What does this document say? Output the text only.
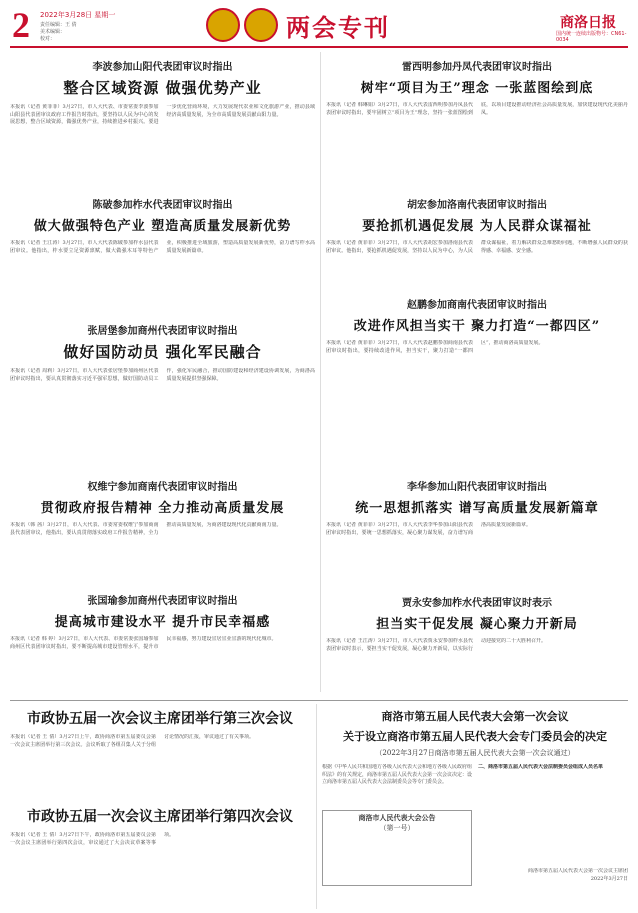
2 2022年3月28日 星期一
责任编辑：王 倩
美术编辑：
校对：	两会专刊	商洛日报
国内统一连续出版物号：CN61-0034
李波参加山阳代表团审议时指出
整合区域资源 做强优势产业
本报讯（记者 黄菲菲）3月27日，市人大代表、市委常委李波参加山阳县代表团审议政府工作报告时指出，要坚持以人民为中心的发展思想，整合区域资源，做强优势产业，持续推进乡村振兴。要进一步优化营商环境，大力发展现代农业和文化旅游产业，推动县域经济高质量发展，为全市高质量发展贡献山阳力量。
陈破参加柞水代表团审议时指出
做大做强特色产业 塑造高质量发展新优势
本报讯（记者 王江涛）3月27日，市人大代表陈破参加柞水县代表团审议。他指出，柞水要立足资源禀赋，做大做强木耳等特色产业，积极推进全域旅游，塑造高质量发展新优势，奋力谱写柞水高质量发展新篇章。
张居堡参加商州代表团审议时指出
做好国防动员 强化军民融合
本报讯（记者 周莉）3月27日，市人大代表张居堡参加商州区代表团审议时指出，要认真贯彻落实习近平强军思想，做好国防动员工作，强化军民融合，推动国防建设和经济建设协调发展，为商洛高质量发展提供坚强保障。
权维宁参加商南代表团审议时指出
贯彻政府报告精神 全力推动高质量发展
本报讯（韩 茜）3月27日，市人大代表、市委常委权维宁参加商南县代表团审议，他指出，要认真贯彻落实政府工作报告精神，全力推动高质量发展，为商洛建设现代化贡献商南力量。
张国瑜参加商州代表团审议时指出
提高城市建设水平 提升市民幸福感
本报讯（记者 韩 婷）3月27日，市人大代表、市委常委张国瑜参加商州区代表团审议时指出，要不断提高城市建设管理水平，提升市民幸福感，努力建设宜居宜业宜游的现代化城市。
雷西明参加丹凤代表团审议时指出
树牢“项目为王”理念 一张蓝图绘到底
本报讯（记者 韩琳娟）3月27日，市人大代表雷西明参加丹凤县代表团审议时指出，要牢固树立“项目为王”理念，坚持一张蓝图绘到底，以项目建设推动经济社会高质量发展，加快建设现代化美丽丹凤。
胡宏参加洛南代表团审议时指出
要抢抓机遇促发展 为人民群众谋福祉
本报讯（记者 黄菲菲）3月27日，市人大代表胡宏参加洛南县代表团审议。他指出，要抢抓机遇促发展，坚持以人民为中心，为人民群众谋福祉，着力解决群众急难愁盼问题，不断增强人民群众的获得感、幸福感、安全感。
赵鹏参加商南代表团审议时指出
改进作风担当实干 聚力打造“一都四区”
本报讯（记者 黄菲菲）3月27日，市人大代表赵鹏参加商南县代表团审议时指出，要持续改进作风，担当实干，聚力打造“一都四区”，推动商洛高质量发展。
李华参加山阳代表团审议时指出
统一思想抓落实 谱写高质量发展新篇章
本报讯（记者 黄菲菲）3月27日，市人大代表李华参加山阳县代表团审议时指出，要统一思想抓落实，凝心聚力谋发展，奋力谱写商洛高质量发展新篇章。
贾永安参加柞水代表团审议时表示
担当实干促发展 凝心聚力开新局
本报讯（记者 王江涛）3月27日，市人大代表贾永安参加柞水县代表团审议时表示，要担当实干促发展，凝心聚力开新局，以实际行动迎接党的二十大胜利召开。
市政协五届一次会议主席团举行第三次会议
本报讯（记者 王 倩）3月27日上午，政协商洛市第五届委员会第一次会议主席团举行第三次会议。会议听取了各组召集人关于分组讨论情况的汇报，审议通过了有关事项。
市政协五届一次会议主席团举行第四次会议
本报讯（记者 王 倩）3月27日下午，政协商洛市第五届委员会第一次会议主席团举行第四次会议，审议通过了大会决议草案等事项。
商洛市第五届人民代表大会第一次会议
关于设立商洛市第五届人民代表大会专门委员会的决定
（2022年3月27日商洛市第五届人民代表大会第一次会议通过）
根据《中华人民共和国地方各级人民代表大会和地方各级人民政府组织法》的有关规定，商洛市第五届人民代表大会第一次会议决定：设立商洛市第五届人民代表大会法制委员会等专门委员会。
商洛市人民代表大会公告
（第一号）
二、商洛市第五届人民代表大会法制委员会组成人员名单
商洛市第五届人民代表大会第一次会议主席团
2022年3月27日
